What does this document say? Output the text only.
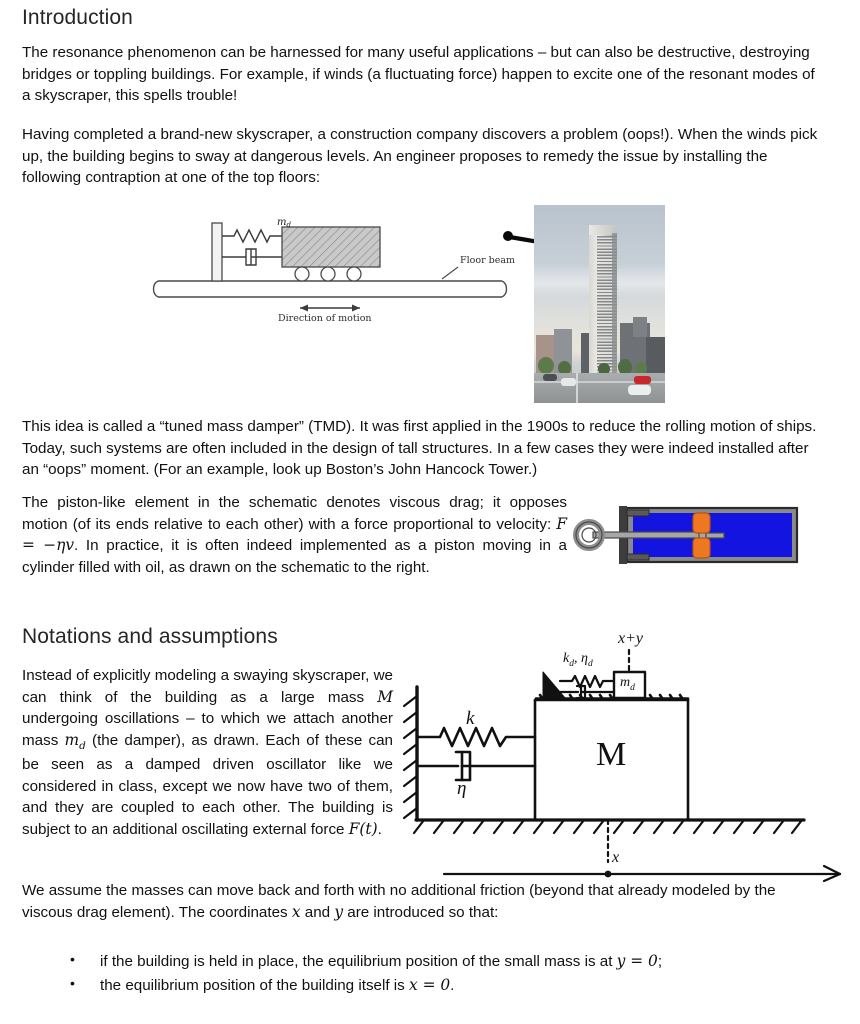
Introduction

The resonance phenomenon can be harnessed for many useful applications – but can also be destructive, destroying bridges or toppling buildings. For example, if winds (a fluctuating force) happen to excite one of the resonant modes of a skyscraper, this spells trouble!

Having completed a brand-new skyscraper, a construction company discovers a problem (oops!). When the winds pick up, the building begins to sway at dangerous levels. An engineer proposes to remedy the issue by installing the following contraption at one of the top floors:

md
Floor beam
Direction of motion

This idea is called a “tuned mass damper” (TMD). It was first applied in the 1900s to reduce the rolling motion of ships. Today, such systems are often included in the design of tall structures. In a few cases they were indeed installed after an “oops” moment. (For an example, look up Boston’s John Hancock Tower.)

The piston-like element in the schematic denotes viscous drag; it opposes motion (of its ends relative to each other) with a force proportional to velocity: F = −ηv. In practice, it is often indeed implemented as a piston moving in a cylinder filled with oil, as drawn on the schematic to the right.

Notations and assumptions

Instead of explicitly modeling a swaying skyscraper, we can think of the building as a large mass M undergoing oscillations – to which we attach another mass $m_d$ (the damper), as drawn. Each of these can be seen as a damped driven oscillator like we considered in class, except we now have two of them, and they are coupled to each other. The building is subject to an additional oscillating external force F(t).

k
η
$k_d$, $\eta_d$
$m_d$
M
x+y
x

We assume the masses can move back and forth with no additional friction (beyond that already modeled by the viscous drag element). The coordinates x and y are introduced so that:

• if the building is held in place, the equilibrium position of the small mass is at y = 0;
• the equilibrium position of the building itself is x = 0.
